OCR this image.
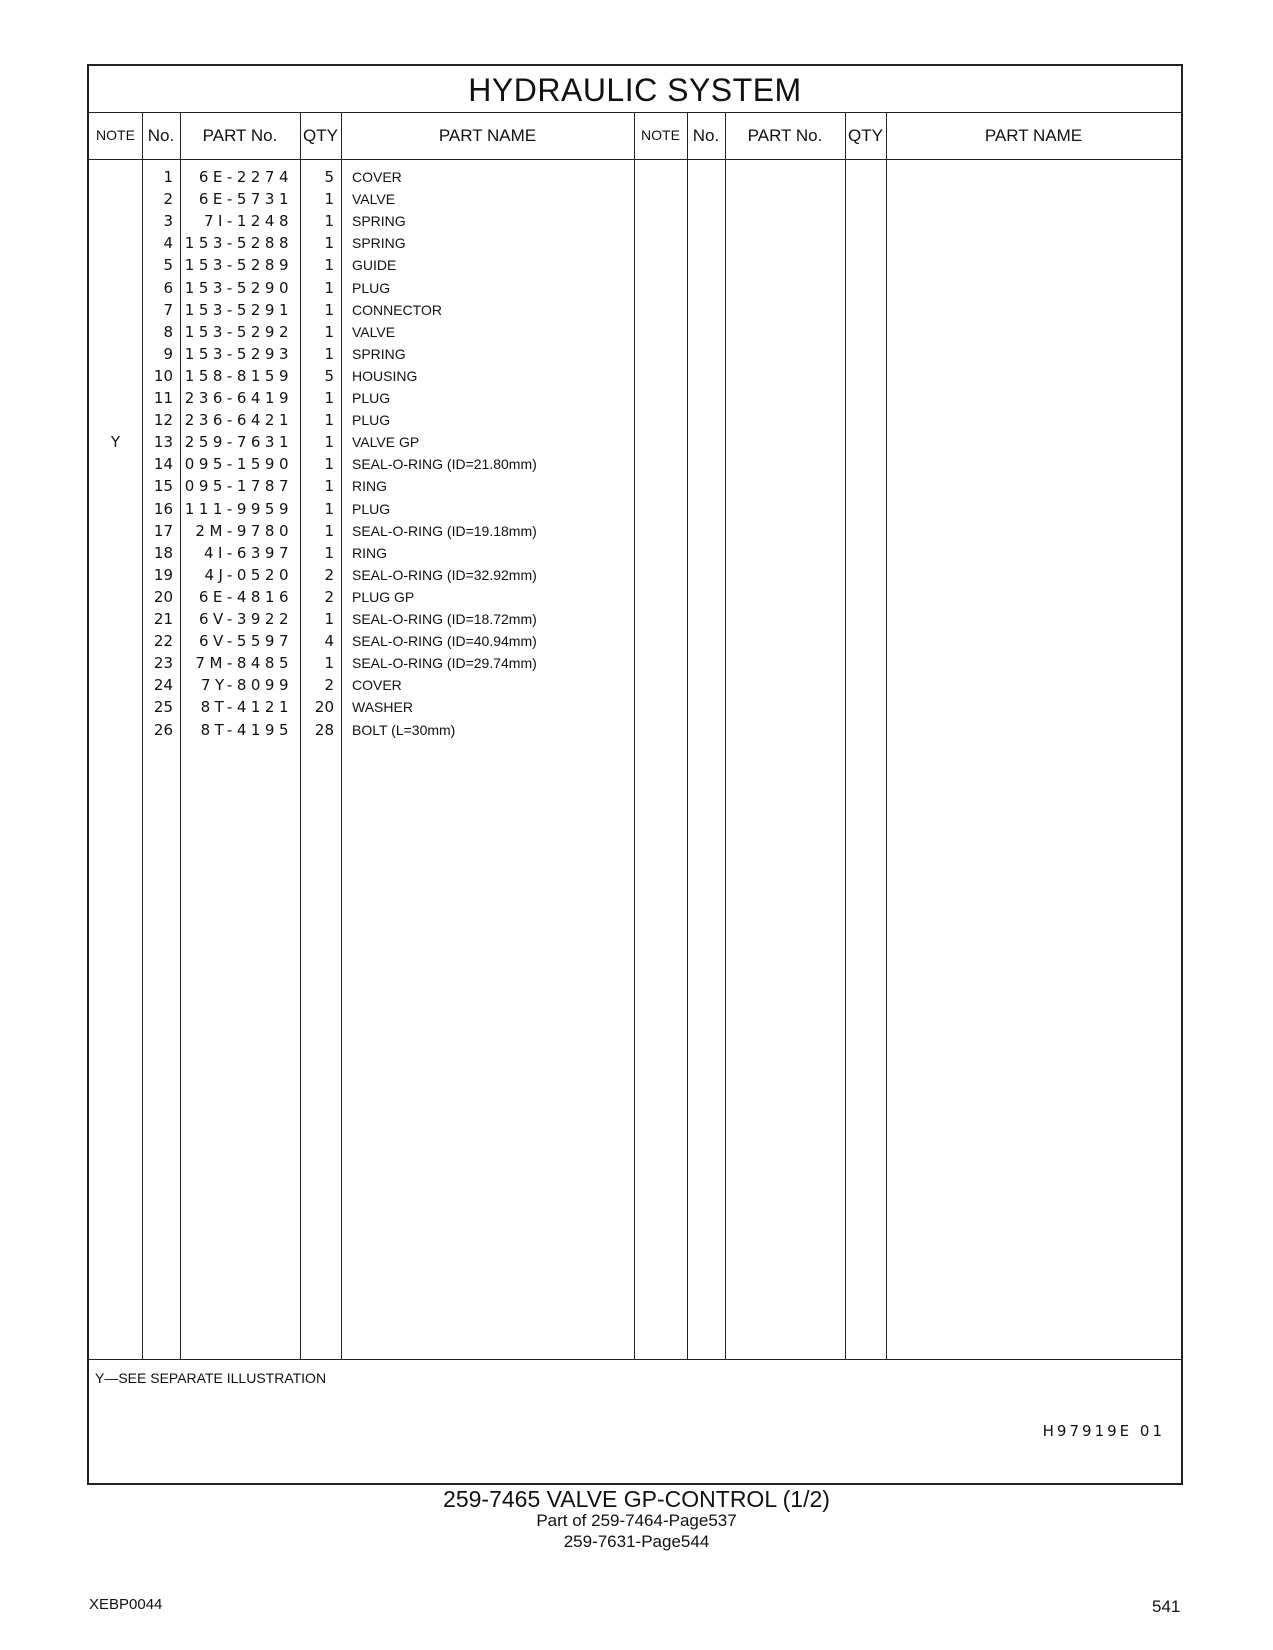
HYDRAULIC SYSTEM
NOTE No.	PART No.	QTY	PART NAME	NOTE No.	PART No.	QTY	PART NAME
1	6E-2274	5 COVER
2	6E-5731	1 VALVE
3	7I-1248	1 SPRING
4 153-5288	1 SPRING
5 153-5289	1 GUIDE
6 153-5290	1 PLUG
7 153-5291	1 CONNECTOR
8 153-5292	1 VALVE
9 153-5293	1 SPRING
10 158-8159	5 HOUSING
11 236-6419	1 PLUG
12 236-6421	1 PLUG
Y	13 259-7631	1 VALVE GP
14 095-1590	1 SEAL-O-RING (ID=21.80mm)
15 095-1787	1 RING
16 111-9959	1 PLUG
17	2M-9780	1 SEAL-O-RING (ID=19.18mm)
18	4I-6397	1 RING
19	4J-0520	2 SEAL-O-RING (ID=32.92mm)
20	6E-4816	2 PLUG GP
21	6V-3922	1 SEAL-O-RING (ID=18.72mm)
22	6V-5597	4 SEAL-O-RING (ID=40.94mm)
23	7M-8485	1 SEAL-O-RING (ID=29.74mm)
24	7Y-8099	2 COVER
25	8T-4121	20 WASHER
26	8T-4195	28 BOLT (L=30mm)
Y—SEE SEPARATE ILLUSTRATION
H97919E 01
259-7465 VALVE GP-CONTROL (1/2)
Part of 259-7464-Page537
259-7631-Page544
XEBP0044	541
